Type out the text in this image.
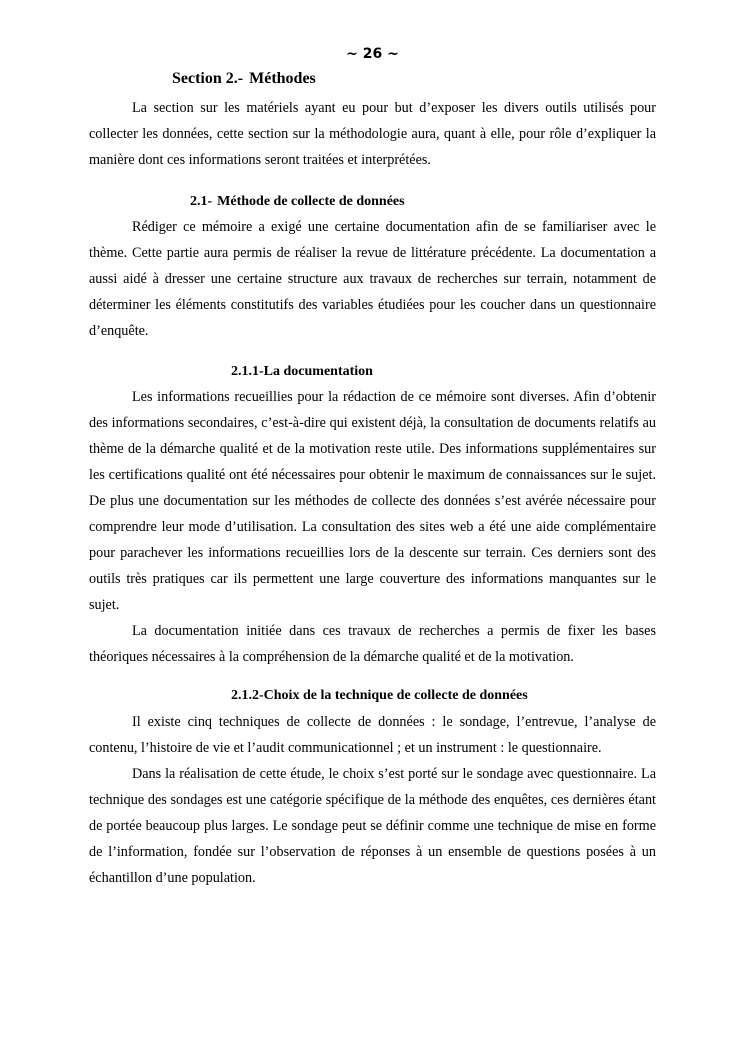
~ 26 ~
Section 2.- Méthodes

La section sur les matériels ayant eu pour but d’exposer les divers outils utilisés pour collecter les données, cette section sur la méthodologie aura, quant à elle, pour rôle d’expliquer la manière dont ces informations seront traitées et interprétées.

2.1- Méthode de collecte de données

Rédiger ce mémoire a exigé une certaine documentation afin de se familiariser avec le thème. Cette partie aura permis de réaliser la revue de littérature précédente. La documentation a aussi aidé à dresser une certaine structure aux travaux de recherches sur terrain, notamment de déterminer les éléments constitutifs des variables étudiées pour les coucher dans un questionnaire d’enquête.

2.1.1-La documentation

Les informations recueillies pour la rédaction de ce mémoire sont diverses. Afin d’obtenir des informations secondaires, c’est-à-dire qui existent déjà, la consultation de documents relatifs au thème de la démarche qualité et de la motivation reste utile. Des informations supplémentaires sur les certifications qualité ont été nécessaires pour obtenir le maximum de connaissances sur le sujet. De plus une documentation sur les méthodes de collecte des données s’est avérée nécessaire pour comprendre leur mode d’utilisation. La consultation des sites web a été une aide complémentaire pour parachever les informations recueillies lors de la descente sur terrain. Ces derniers sont des outils très pratiques car ils permettent une large couverture des informations manquantes sur le sujet.

La documentation initiée dans ces travaux de recherches a permis de fixer les bases théoriques nécessaires à la compréhension de la démarche qualité et de la motivation.

2.1.2-Choix de la technique de collecte de données

Il existe cinq techniques de collecte de données : le sondage, l’entrevue, l’analyse de contenu, l’histoire de vie et l’audit communicationnel ; et un instrument : le questionnaire.

Dans la réalisation de cette étude, le choix s’est porté sur le sondage avec questionnaire. La technique des sondages est une catégorie spécifique de la méthode des enquêtes, ces dernières étant de portée beaucoup plus larges. Le sondage peut se définir comme une technique de mise en forme de l’information, fondée sur l’observation de réponses à un ensemble de questions posées à un échantillon d’une population.
